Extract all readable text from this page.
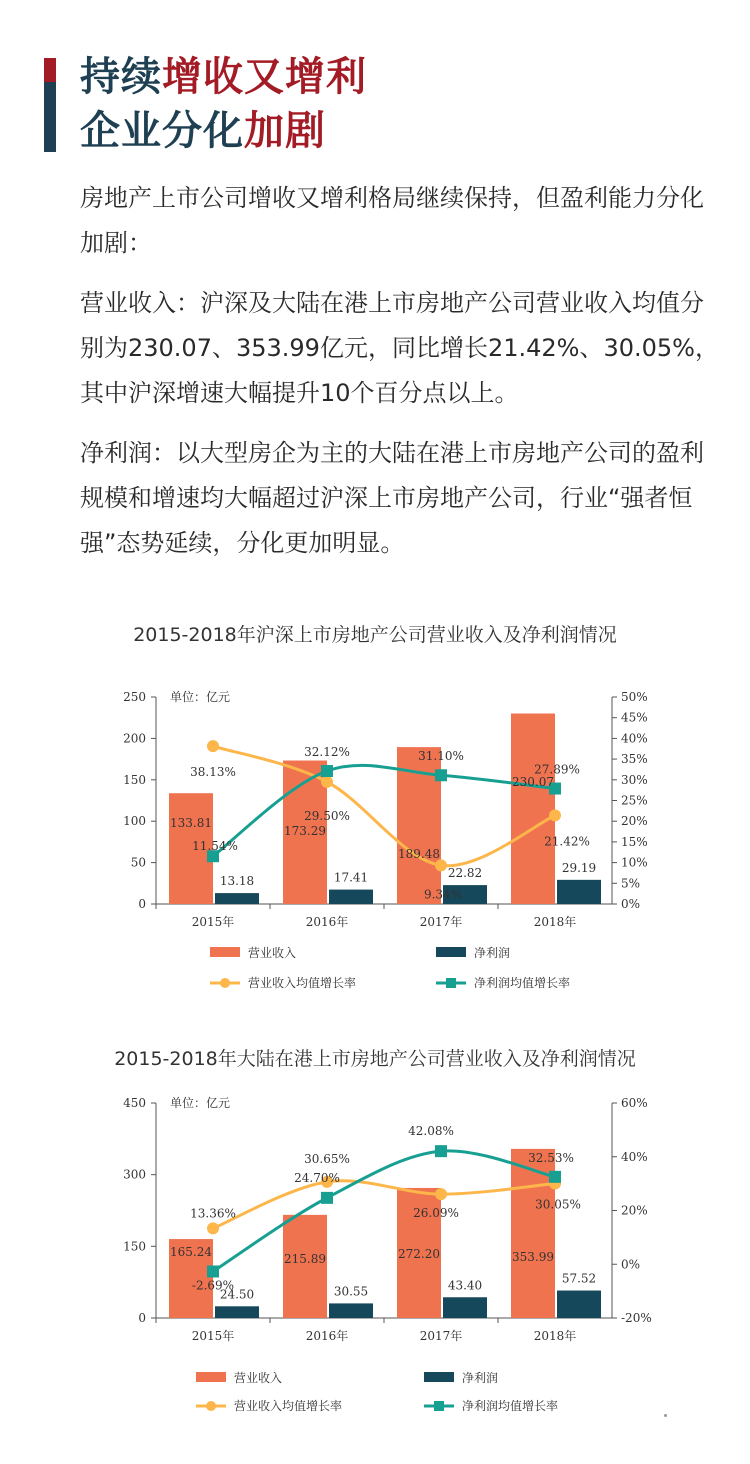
持续增收又增利
企业分化加剧

房地产上市公司增收又增利格局继续保持，但盈利能力分化加剧：

营业收入：沪深及大陆在港上市房地产公司营业收入均值分别为230.07、353.99亿元，同比增长21.42%、30.05%，其中沪深增速大幅提升10个百分点以上。

净利润：以大型房企为主的大陆在港上市房地产公司的盈利规模和增速均大幅超过沪深上市房地产公司，行业“强者恒强”态势延续，分化更加明显。

2015-2018年沪深上市房地产公司营业收入及净利润情况
0
50
100
150
200
250
0%
5%
10%
15%
20%
25%
30%
35%
40%
45%
50%
单位：亿元
2015年	2016年	2017年	2018年
133.81
173.29
189.48
230.07
13.18	17.41	22.82	29.19
38.13%
29.50%
9.34%
21.42%
11.54%
32.12%	31.10%
27.89%
营业收入	净利润
营业收入均值增长率	净利润均值增长率
2015-2018年大陆在港上市房地产公司营业收入及净利润情况
0
150
300
450
-20%
0%
20%
40%
60%
单位：亿元
2015年	2016年	2017年	2018年
165.24	215.89	272.20	353.99
24.50	30.55	43.40	57.52
13.36%
30.65%
26.09%
30.05%
-2.69%
24.70%
42.08%
32.53%
营业收入	净利润
营业收入均值增长率	净利润均值增长率
